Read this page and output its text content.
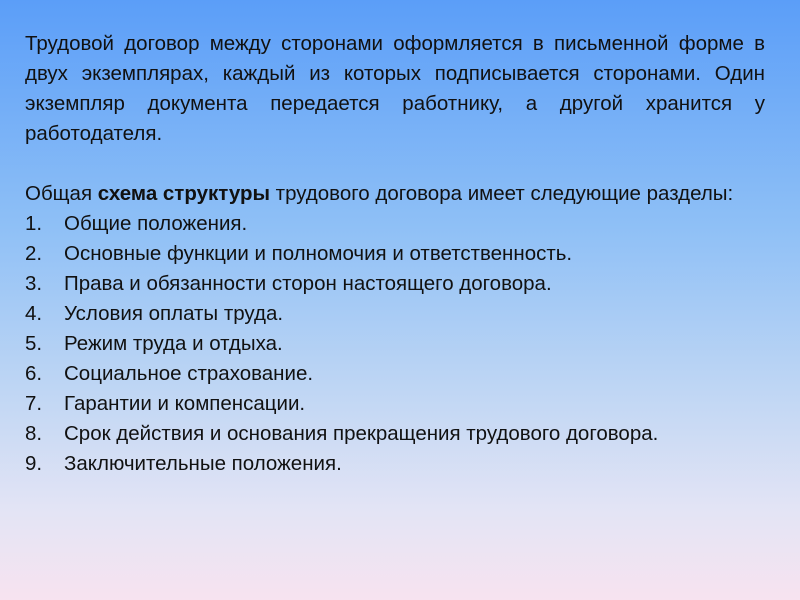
Трудовой договор между сторонами оформляется в письменной форме в двух экземплярах, каждый из которых подписывается сторонами. Один экземпляр документа передается работнику, а другой хранится у работодателя.

Общая схема структуры трудового договора имеет следующие разделы:

1.	Общие положения.
2.	Основные функции и полномочия и ответственность.
3.	Права и обязанности сторон настоящего договора.
4.	Условия оплаты труда.
5.	Режим труда и отдыха.
6.	Социальное страхование.
7.	Гарантии и компенсации.
8.	Срок действия и основания прекращения трудового договора.
9.	Заключительные положения.
